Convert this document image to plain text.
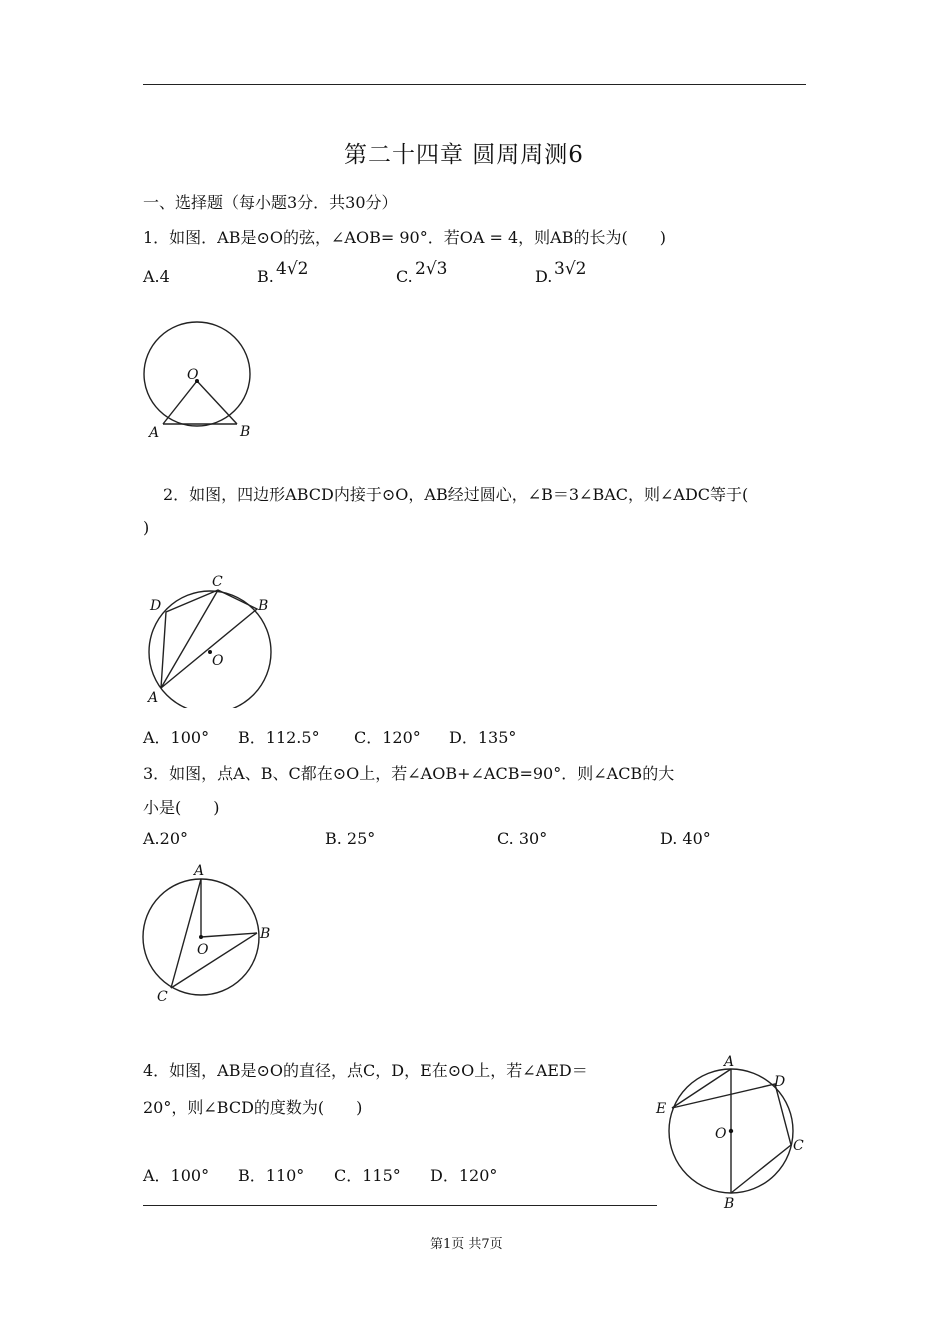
第二十四章 圆周周测6
一、选择题（每小题3分．共30分）
1．如图．AB是⊙O的弦，∠AOB= 90°．若OA = 4，则AB的长为(　　)
A.4	B. 4√2	C. 2√3	D. 3√2
O
A	B
2．如图，四边形ABCD内接于⊙O，AB经过圆心，∠B＝3∠BAC，则∠ADC等于(
)
C
D	B
O
A
A．100° B．112.5° C．120° D．135°
3．如图，点A、B、C都在⊙O上，若∠AOB+∠ACB=90°．则∠ACB的大
小是(　　)
A.20°	B. 25°	C. 30°	D. 40°
A
B
O
C
4．如图，AB是⊙O的直径，点C，D，E在⊙O上，若∠AED＝
20°，则∠BCD的度数为(　　)
A．100° B．110° C．115° D．120°
A
D
E
O
C
B
第1页 共7页
